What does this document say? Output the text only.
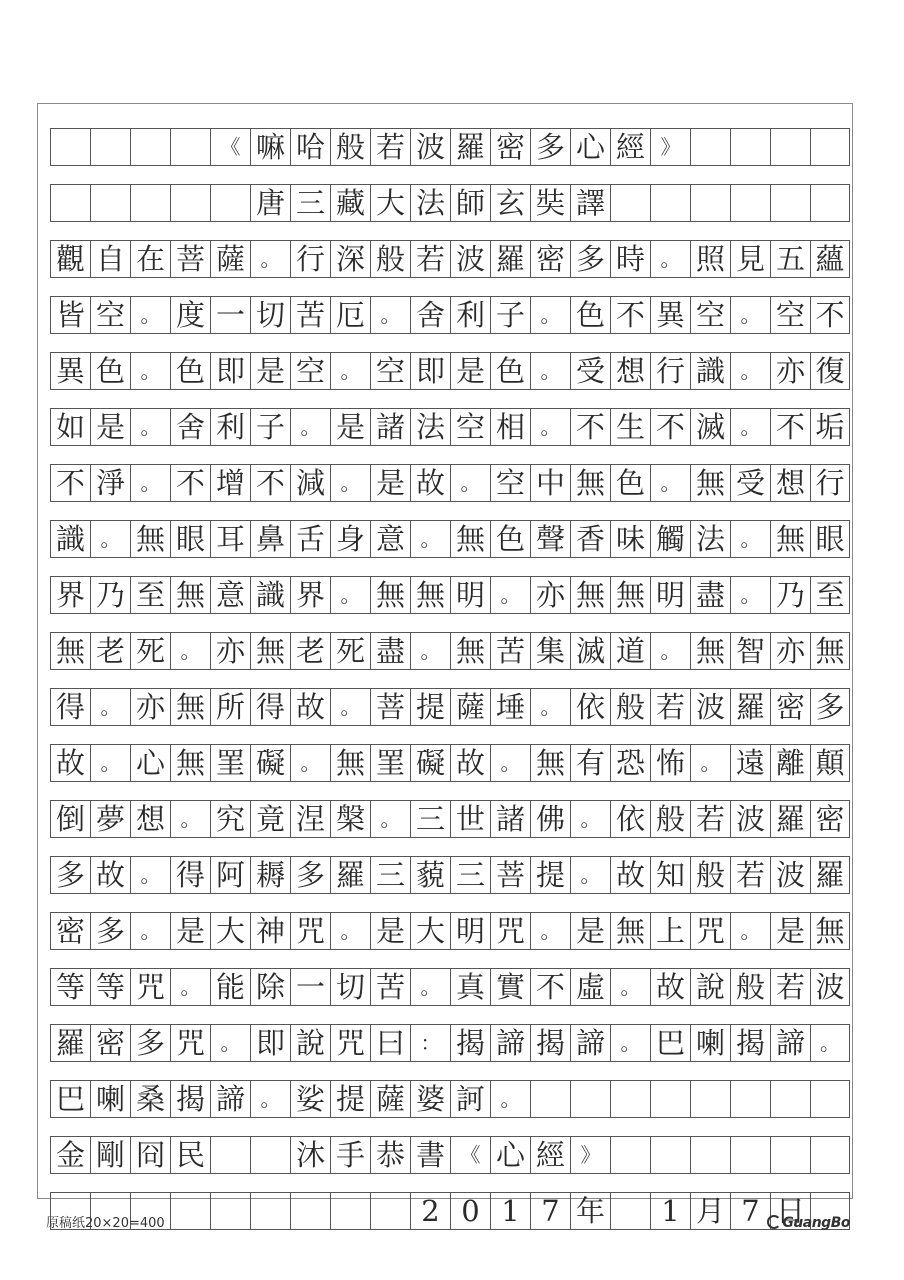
《 嘛 哈 般 若 波 羅 密 多 心 經 》
唐 三 藏 大 法 師 玄 奘 譯
觀 自 在 菩 薩 。 行 深 般 若 波 羅 密 多 時 。 照 見 五 蘊
皆 空 。 度 一 切 苦 厄 。 舍 利 子 。 色 不 異 空 。 空 不
異 色 。 色 即 是 空 。 空 即 是 色 。 受 想 行 識 。 亦 復
如 是 。 舍 利 子 。 是 諸 法 空 相 。 不 生 不 滅 。 不 垢
不 淨 。 不 增 不 減 。 是 故 。 空 中 無 色 。 無 受 想 行
識 。 無 眼 耳 鼻 舌 身 意 。 無 色 聲 香 味 觸 法 。 無 眼
界 乃 至 無 意 識 界 。 無 無 明 。 亦 無 無 明 盡 。 乃 至
無 老 死 。 亦 無 老 死 盡 。 無 苦 集 滅 道 。 無 智 亦 無
得 。 亦 無 所 得 故 。 菩 提 薩 埵 。 依 般 若 波 羅 密 多
故 。 心 無 罣 礙 。 無 罣 礙 故 。 無 有 恐 怖 。 遠 離 顛
倒 夢 想 。 究 竟 涅 槃 。 三 世 諸 佛 。 依 般 若 波 羅 密
多 故 。 得 阿 耨 多 羅 三 藐 三 菩 提 。 故 知 般 若 波 羅
密 多 。 是 大 神 咒 。 是 大 明 咒 。 是 無 上 咒 。 是 無
等 等 咒 。 能 除 一 切 苦 。 真 實 不 虛 。 故 說 般 若 波
羅 密 多 咒 。 即 說 咒 曰 ： 揭 諦 揭 諦 。 巴 喇 揭 諦 。
巴 喇 桑 揭 諦 。 娑 提 薩 婆 訶 。
金 剛 冏 民	沐 手 恭 書 《 心 經 》
2 0 1 7 年	1 月 7 日
原稿纸20×20=400	GuangBo
